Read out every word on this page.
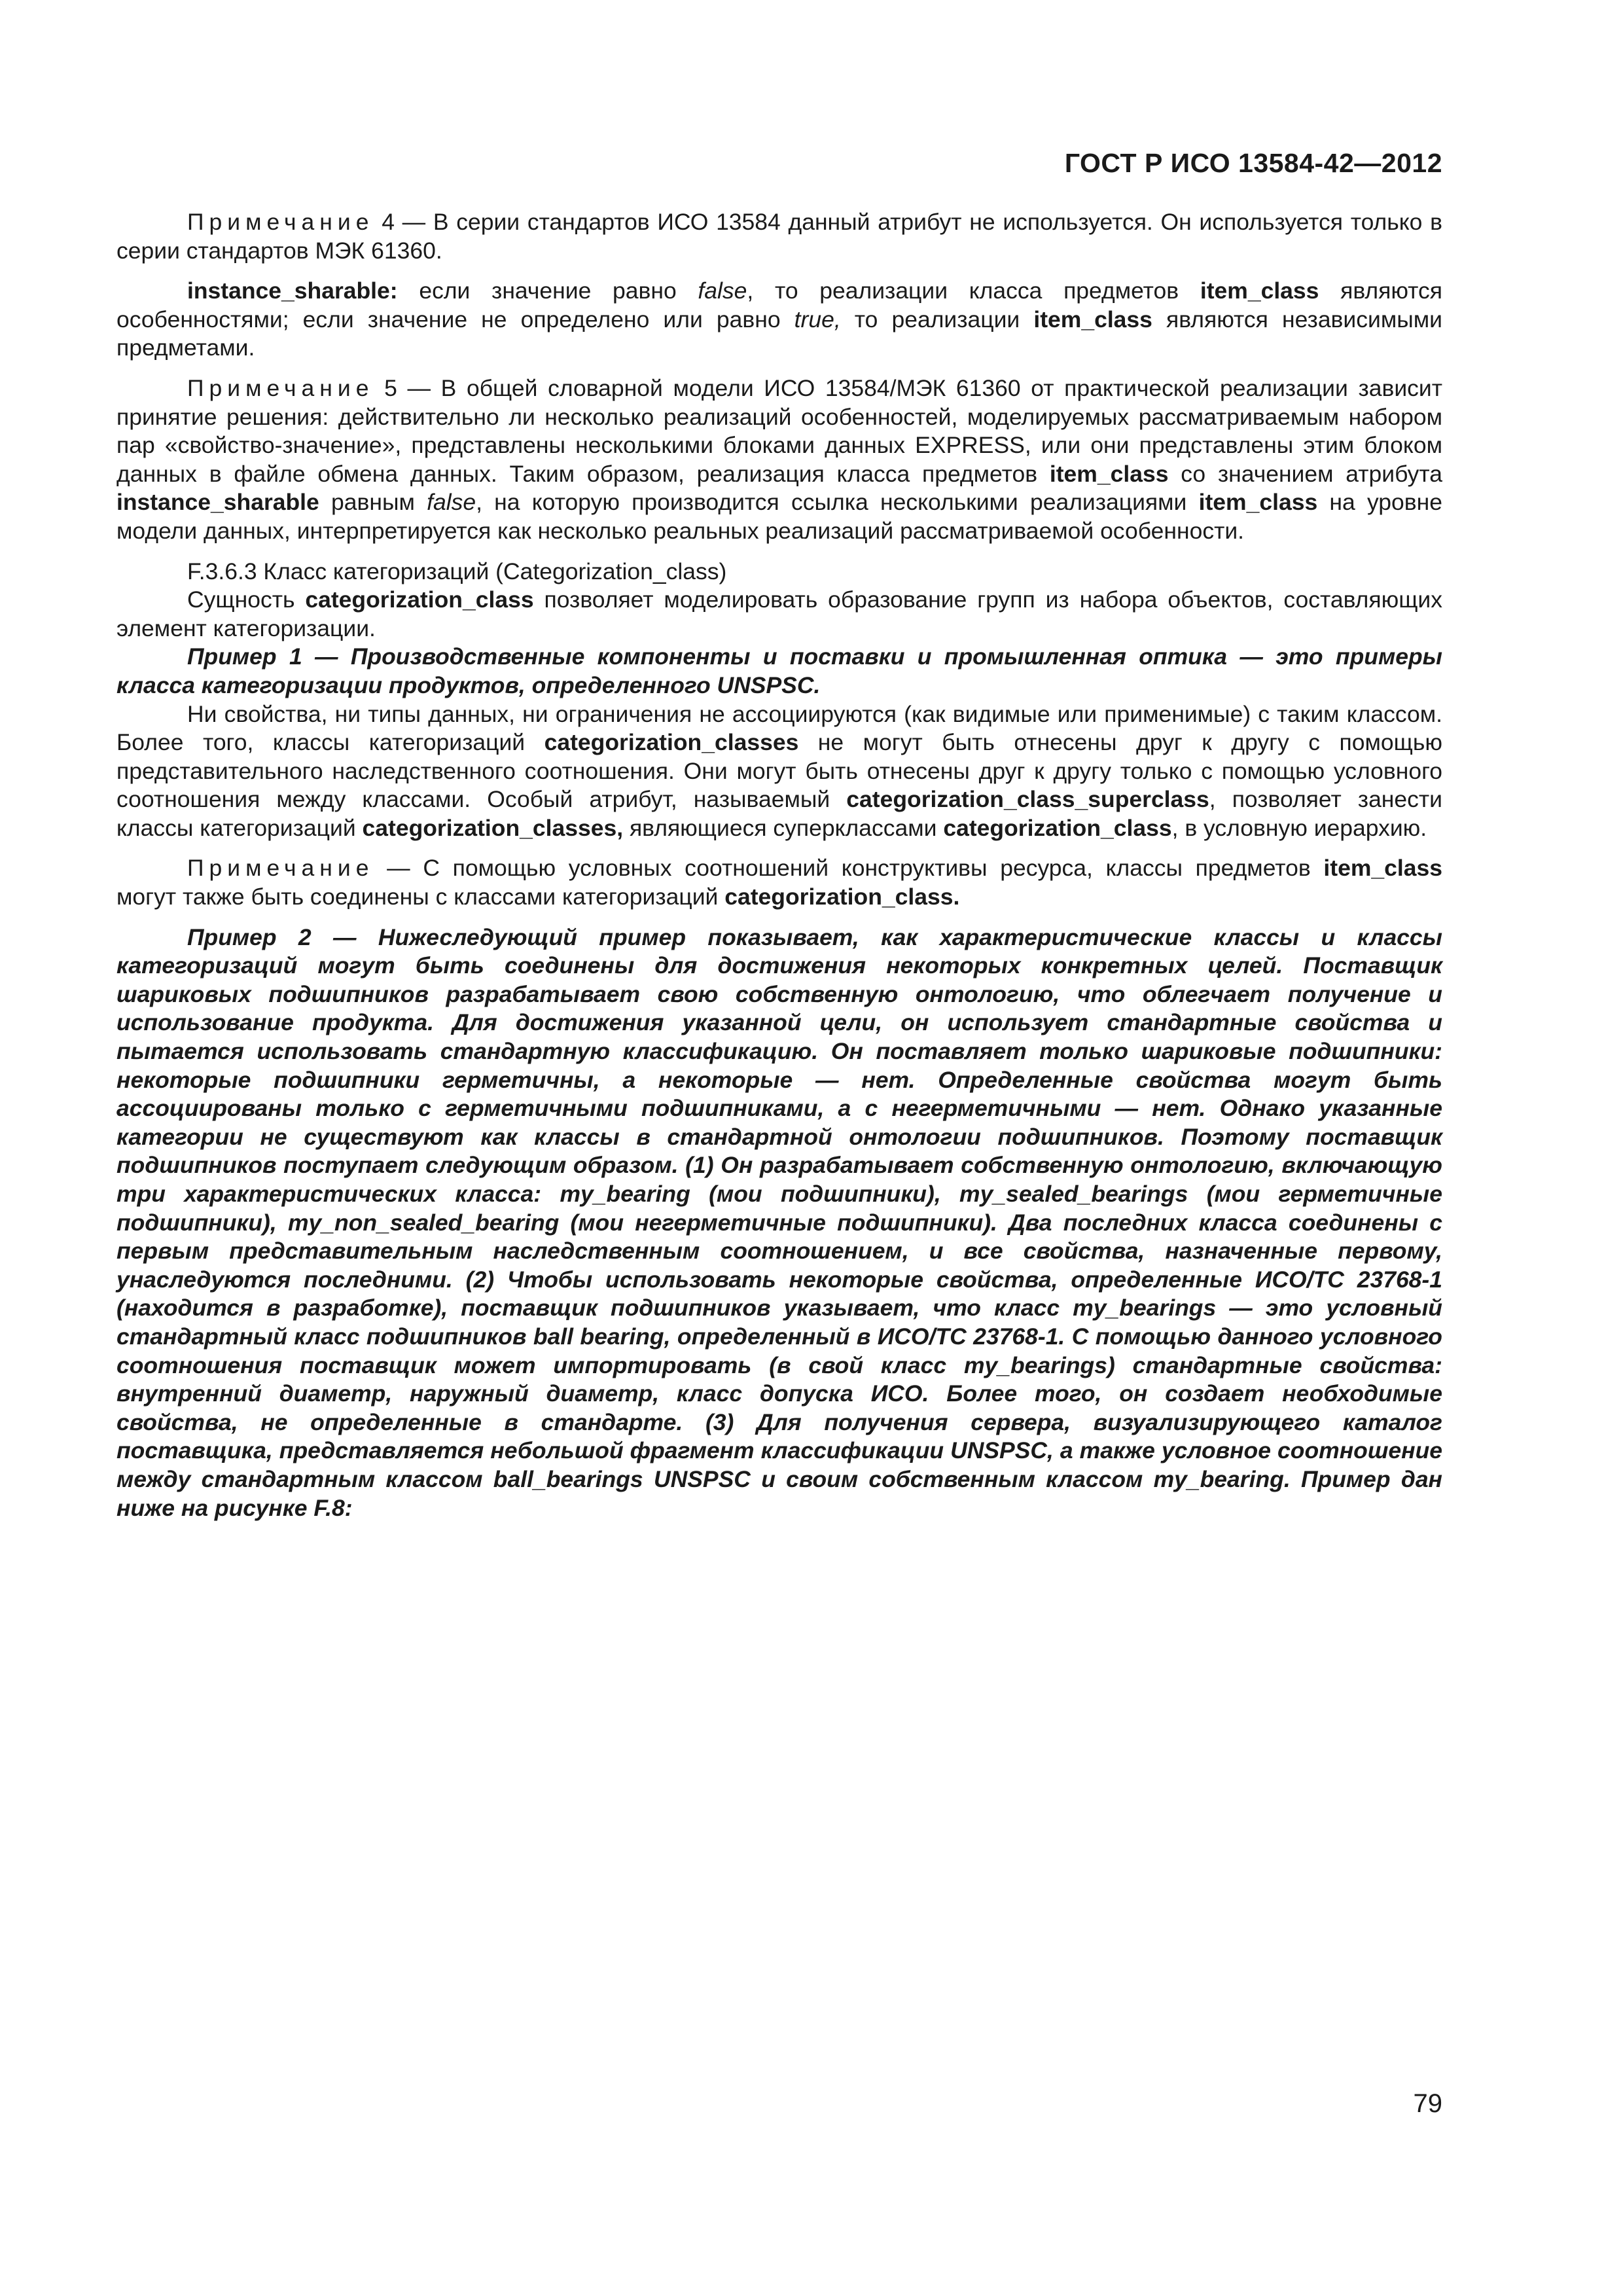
ГОСТ Р ИСО 13584-42—2012

Примечание 4 — В серии стандартов ИСО 13584 данный атрибут не используется. Он используется только в серии стандартов МЭК 61360.

instance_sharable: если значение равно false, то реализации класса предметов item_class являются особенностями; если значение не определено или равно true, то реализации item_class являются независимыми предметами.

Примечание 5 — В общей словарной модели ИСО 13584/МЭК 61360 от практической реализации зависит принятие решения: действительно ли несколько реализаций особенностей, моделируемых рассматриваемым набором пар «свойство-значение», представлены несколькими блоками данных EXPRESS, или они представлены этим блоком данных в файле обмена данных. Таким образом, реализация класса предметов item_class со значением атрибута instance_sharable равным false, на которую производится ссылка несколькими реализациями item_class на уровне модели данных, интерпретируется как несколько реальных реализаций рассматриваемой особенности.

F.3.6.3 Класс категоризаций (Categorization_class)

Сущность categorization_class позволяет моделировать образование групп из набора объектов, составляющих элемент категоризации.

Пример 1 — Производственные компоненты и поставки и промышленная оптика — это примеры класса категоризации продуктов, определенного UNSPSC.

Ни свойства, ни типы данных, ни ограничения не ассоциируются (как видимые или применимые) с таким классом. Более того, классы категоризаций categorization_classes не могут быть отнесены друг к другу с помощью представительного наследственного соотношения. Они могут быть отнесены друг к другу только с помощью условного соотношения между классами. Особый атрибут, называемый categorization_class_superclass, позволяет занести классы категоризаций categorization_classes, являющиеся суперклассами categorization_class, в условную иерархию.

Примечание — С помощью условных соотношений конструктивы ресурса, классы предметов item_class могут также быть соединены с классами категоризаций categorization_class.

Пример 2 — Нижеследующий пример показывает, как характеристические классы и классы категоризаций могут быть соединены для достижения некоторых конкретных целей. Поставщик шариковых подшипников разрабатывает свою собственную онтологию, что облегчает получение и использование продукта. Для достижения указанной цели, он использует стандартные свойства и пытается использовать стандартную классификацию. Он поставляет только шариковые подшипники: некоторые подшипники герметичны, а некоторые — нет. Определенные свойства могут быть ассоциированы только с герметичными подшипниками, а с негерметичными — нет. Однако указанные категории не существуют как классы в стандартной онтологии подшипников. Поэтому поставщик подшипников поступает следующим образом. (1) Он разрабатывает собственную онтологию, включающую три характеристических класса: my_bearing (мои подшипники), my_sealed_bearings (мои герметичные подшипники), my_non_sealed_bearing (мои негерметичные подшипники). Два последних класса соединены с первым представительным наследственным соотношением, и все свойства, назначенные первому, унаследуются последними. (2) Чтобы использовать некоторые свойства, определенные ИСО/ТС 23768-1 (находится в разработке), поставщик подшипников указывает, что класс my_bearings — это условный стандартный класс подшипников ball bearing, определенный в ИСО/ТС 23768-1. С помощью данного условного соотношения поставщик может импортировать (в свой класс my_bearings) стандартные свойства: внутренний диаметр, наружный диаметр, класс допуска ИСО. Более того, он создает необходимые свойства, не определенные в стандарте. (3) Для получения сервера, визуализирующего каталог поставщика, представляется небольшой фрагмент классификации UNSPSC, а также условное соотношение между стандартным классом ball_bearings UNSPSC и своим собственным классом my_bearing. Пример дан ниже на рисунке F.8:

79
